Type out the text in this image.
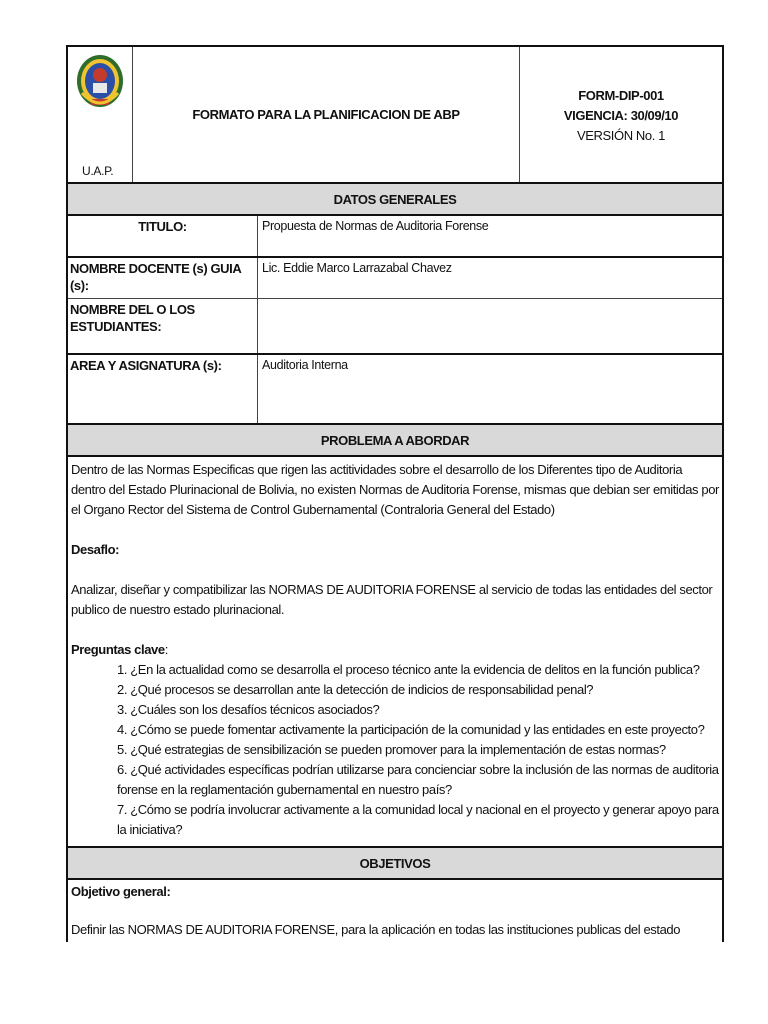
U.A.P.
FORMATO PARA LA PLANIFICACION DE ABP
FORM-DIP-001
VIGENCIA: 30/09/10
VERSIÓN No. 1
DATOS GENERALES
TITULO:	Propuesta de Normas de Auditoria Forense
NOMBRE DOCENTE (s) GUIA (s):
Lic. Eddie Marco Larrazabal Chavez
NOMBRE DEL O LOS ESTUDIANTES:
AREA Y ASIGNATURA (s):	Auditoria Interna
PROBLEMA A ABORDAR

Dentro de las Normas Especificas que rigen las actitividades sobre el desarrollo de los Diferentes tipo de Auditoria dentro del Estado Plurinacional de Bolivia, no existen Normas de Auditoria Forense, mismas que debian ser emitidas por el Organo Rector del Sistema de Control Gubernamental (Contraloria General del Estado)

Desaflo:

Analizar, diseñar y compatibilizar las NORMAS DE AUDITORIA FORENSE al servicio de todas las entidades del sector publico de nuestro estado plurinacional.

Preguntas clave:

1. ¿En la actualidad como se desarrolla el proceso técnico ante la evidencia de delitos en la función publica?
2. ¿Qué procesos se desarrollan ante la detección de indicios de responsabilidad penal?
3. ¿Cuáles son los desafíos técnicos asociados?
4. ¿Cómo se puede fomentar activamente la participación de la comunidad y las entidades en este proyecto?
5. ¿Qué estrategias de sensibilización se pueden promover para la implementación de estas normas?
6. ¿Qué actividades específicas podrían utilizarse para concienciar sobre la inclusión de las normas de auditoria forense en la reglamentación gubernamental en nuestro país?
7. ¿Cómo se podría involucrar activamente a la comunidad local y nacional en el proyecto y generar apoyo para la iniciativa?
OBJETIVOS

Objetivo general:

Definir las NORMAS DE AUDITORIA FORENSE, para la aplicación en todas las instituciones publicas del estado
